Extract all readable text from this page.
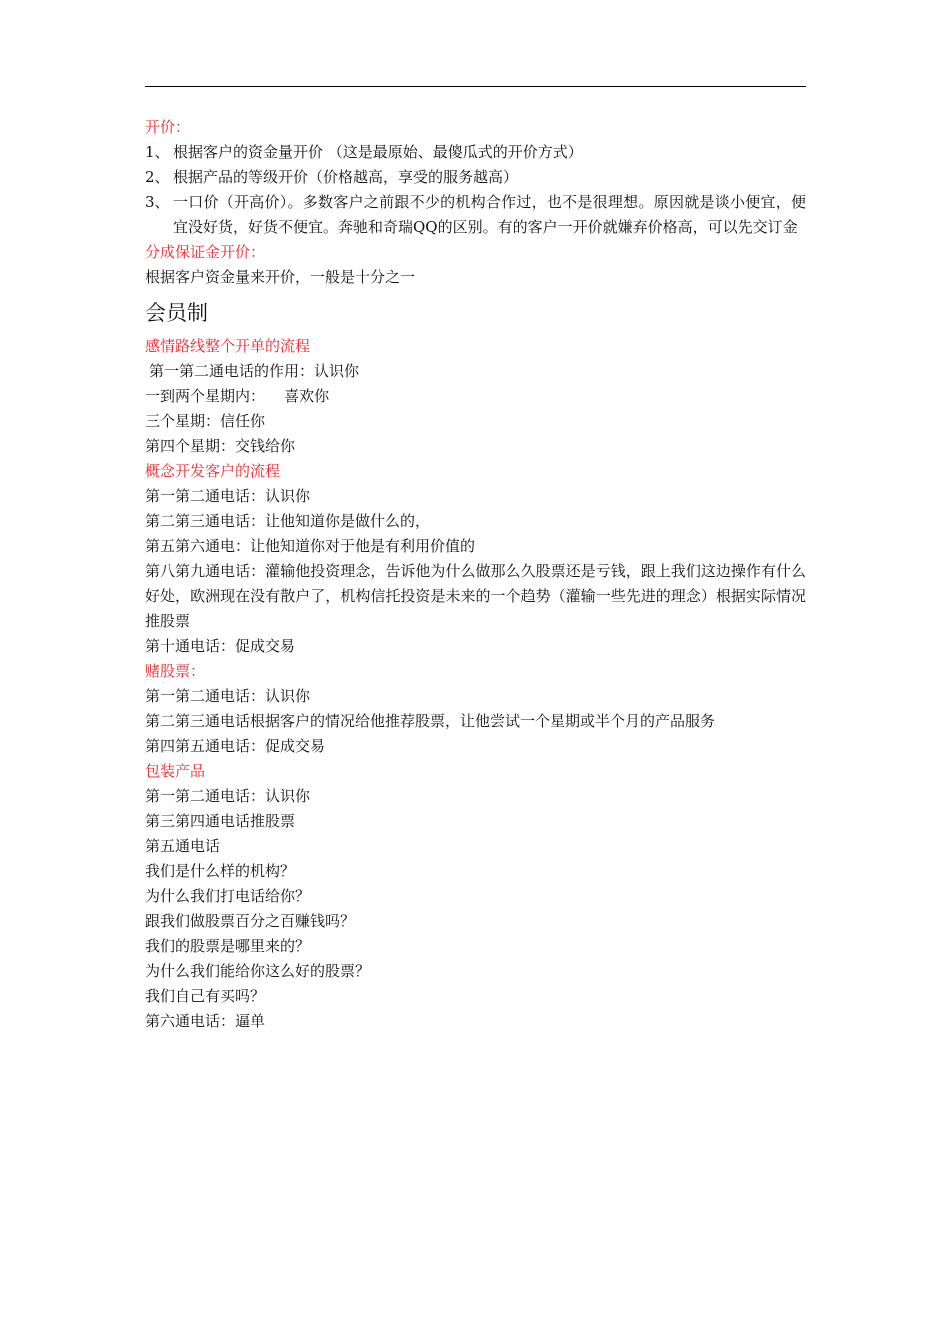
开价：

1、 根据客户的资金量开价 （这是最原始、最傻瓜式的开价方式）
2、 根据产品的等级开价（价格越高，享受的服务越高）
3、 一口价（开高价）。多数客户之前跟不少的机构合作过，也不是很理想。原因就是谈小便宜，便宜没好货，好货不便宜。奔驰和奇瑞QQ的区别。有的客户一开价就嫌弃价格高，可以先交订金

分成保证金开价：

根据客户资金量来开价，一般是十分之一

会员制

感情路线整个开单的流程

第一第二通电话的作用：认识你

一到两个星期内：    喜欢你

三个星期：信任你

第四个星期：交钱给你

概念开发客户的流程

第一第二通电话：认识你

第二第三通电话：让他知道你是做什么的，

第五第六通电：让他知道你对于他是有利用价值的

第八第九通电话：灌输他投资理念，告诉他为什么做那么久股票还是亏钱，跟上我们这边操作有什么好处，欧洲现在没有散户了，机构信托投资是未来的一个趋势（灌输一些先进的理念）根据实际情况推股票

第十通电话：促成交易

赌股票：

第一第二通电话：认识你

第二第三通电话根据客户的情况给他推荐股票，让他尝试一个星期或半个月的产品服务

第四第五通电话：促成交易

包装产品

第一第二通电话：认识你

第三第四通电话推股票

第五通电话

我们是什么样的机构？

为什么我们打电话给你？

跟我们做股票百分之百赚钱吗？

我们的股票是哪里来的？

为什么我们能给你这么好的股票？

我们自己有买吗？

第六通电话：逼单
